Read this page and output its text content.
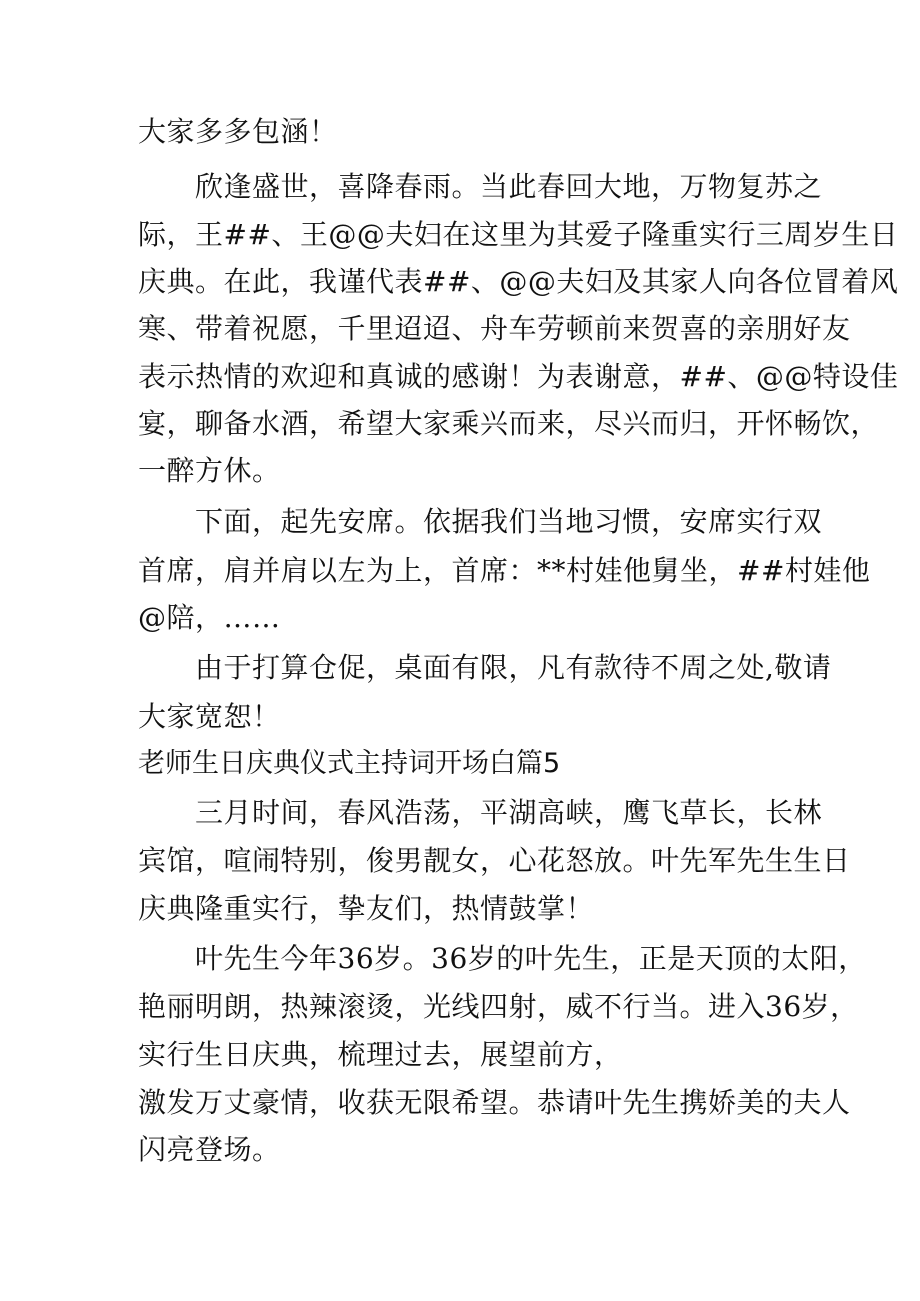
大家多多包涵！
欣逢盛世，喜降春雨。当此春回大地，万物复苏之
际，王##、王@@夫妇在这里为其爱子隆重实行三周岁生日
庆典。在此，我谨代表##、@@夫妇及其家人向各位冒着风
寒、带着祝愿，千里迢迢、舟车劳顿前来贺喜的亲朋好友
表示热情的欢迎和真诚的感谢！为表谢意，##、@@特设佳
宴，聊备水酒，希望大家乘兴而来，尽兴而归，开怀畅饮，
一醉方休。
下面，起先安席。依据我们当地习惯，安席实行双
首席，肩并肩以左为上，首席：**村娃他舅坐，##村娃他
@陪，……
由于打算仓促，桌面有限，凡有款待不周之处,敬请
大家宽恕！
老师生日庆典仪式主持词开场白篇5
三月时间，春风浩荡，平湖高峡，鹰飞草长，长林
宾馆，喧闹特别，俊男靓女，心花怒放。叶先军先生生日
庆典隆重实行，挚友们，热情鼓掌！
叶先生今年36岁。36岁的叶先生，正是天顶的太阳，
艳丽明朗，热辣滚烫，光线四射，威不行当。进入36岁，
实行生日庆典，梳理过去，展望前方，
激发万丈豪情，收获无限希望。恭请叶先生携娇美的夫人
闪亮登场。
